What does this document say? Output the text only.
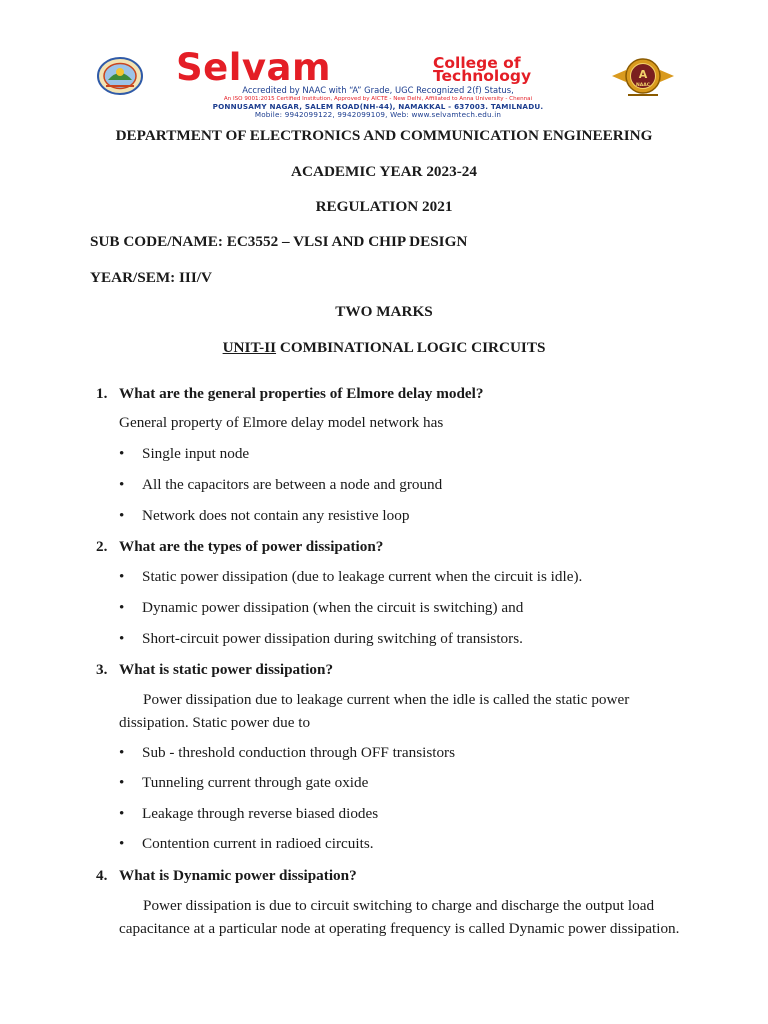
Selvam	College of
Technology	A
NAAC
Accredited by NAAC with “A” Grade, UGC Recognized 2(f) Status,
An ISO 9001:2015 Certified Institution, Approved by AICTE - New Delhi, Affiliated to Anna University - Chennai
PONNUSAMY NAGAR, SALEM ROAD(NH-44), NAMAKKAL - 637003. TAMILNADU.
Mobile: 9942099122, 9942099109, Web: www.selvamtech.edu.in
DEPARTMENT OF ELECTRONICS AND COMMUNICATION ENGINEERING
ACADEMIC YEAR 2023-24
REGULATION 2021
SUB CODE/NAME: EC3552 – VLSI AND CHIP DESIGN
YEAR/SEM: III/V
TWO MARKS
UNIT-II COMBINATIONAL LOGIC CIRCUITS
1. What are the general properties of Elmore delay model?
General property of Elmore delay model network has
• Single input node
• All the capacitors are between a node and ground
• Network does not contain any resistive loop
2. What are the types of power dissipation?
• Static power dissipation (due to leakage current when the circuit is idle).
• Dynamic power dissipation (when the circuit is switching) and
• Short-circuit power dissipation during switching of transistors.
3. What is static power dissipation?
Power dissipation due to leakage current when the idle is called the static power dissipation. Static power due to
• Sub - threshold conduction through OFF transistors
• Tunneling current through gate oxide
• Leakage through reverse biased diodes
• Contention current in radioed circuits.
4. What is Dynamic power dissipation?
Power dissipation is due to circuit switching to charge and discharge the output load capacitance at a particular node at operating frequency is called Dynamic power dissipation.
